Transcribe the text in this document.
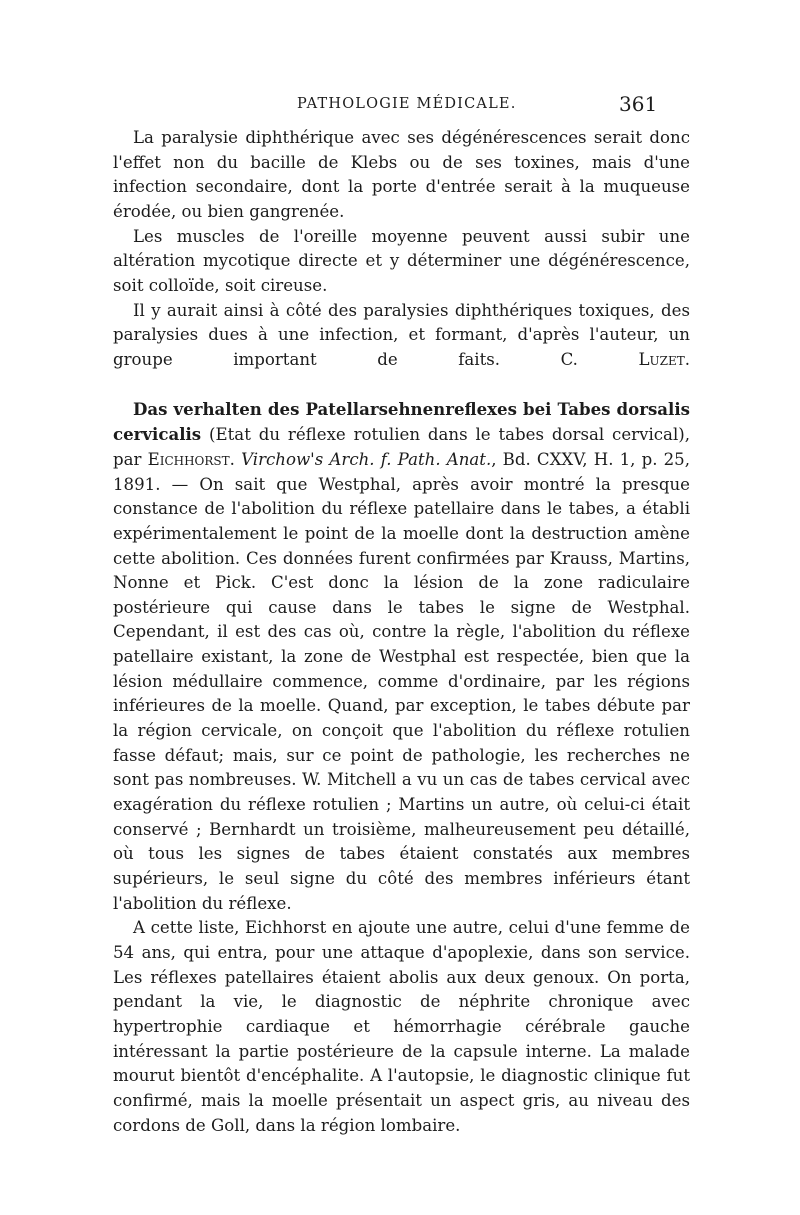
PATHOLOGIE MÉDICALE.	361

La paralysie diphthérique avec ses dégénérescences serait donc l'effet non du bacille de Klebs ou de ses toxines, mais d'une infection secondaire, dont la porte d'entrée serait à la muqueuse érodée, ou bien gangrenée.

Les muscles de l'oreille moyenne peuvent aussi subir une altération mycotique directe et y déterminer une dégénérescence, soit colloïde, soit cireuse.

Il y aurait ainsi à côté des paralysies diphthériques toxiques, des paralysies dues à une infection, et formant, d'après l'auteur, un groupe important de faits.	C. Luzet.

Das verhalten des Patellarsehnenreflexes bei Tabes dorsalis cervicalis (Etat du réflexe rotulien dans le tabes dorsal cervical), par Eichhorst. Virchow's Arch. f. Path. Anat., Bd. CXXV, H. 1, p. 25, 1891. — On sait que Westphal, après avoir montré la presque constance de l'abolition du réflexe patellaire dans le tabes, a établi expérimentalement le point de la moelle dont la destruction amène cette abolition. Ces données furent confirmées par Krauss, Martins, Nonne et Pick. C'est donc la lésion de la zone radiculaire postérieure qui cause dans le tabes le signe de Westphal. Cependant, il est des cas où, contre la règle, l'abolition du réflexe patellaire existant, la zone de Westphal est respectée, bien que la lésion médullaire commence, comme d'ordinaire, par les régions inférieures de la moelle. Quand, par exception, le tabes débute par la région cervicale, on conçoit que l'abolition du réflexe rotulien fasse défaut; mais, sur ce point de pathologie, les recherches ne sont pas nombreuses. W. Mitchell a vu un cas de tabes cervical avec exagération du réflexe rotulien ; Martins un autre, où celui-ci était conservé ; Bernhardt un troisième, malheureusement peu détaillé, où tous les signes de tabes étaient constatés aux membres supérieurs, le seul signe du côté des membres inférieurs étant l'abolition du réflexe.

A cette liste, Eichhorst en ajoute une autre, celui d'une femme de 54 ans, qui entra, pour une attaque d'apoplexie, dans son service. Les réflexes patellaires étaient abolis aux deux genoux. On porta, pendant la vie, le diagnostic de néphrite chronique avec hypertrophie cardiaque et hémorrhagie cérébrale gauche intéressant la partie postérieure de la capsule interne. La malade mourut bientôt d'encéphalite. A l'autopsie, le diagnostic clinique fut confirmé, mais la moelle présentait un aspect gris, au niveau des cordons de Goll, dans la région lombaire.
